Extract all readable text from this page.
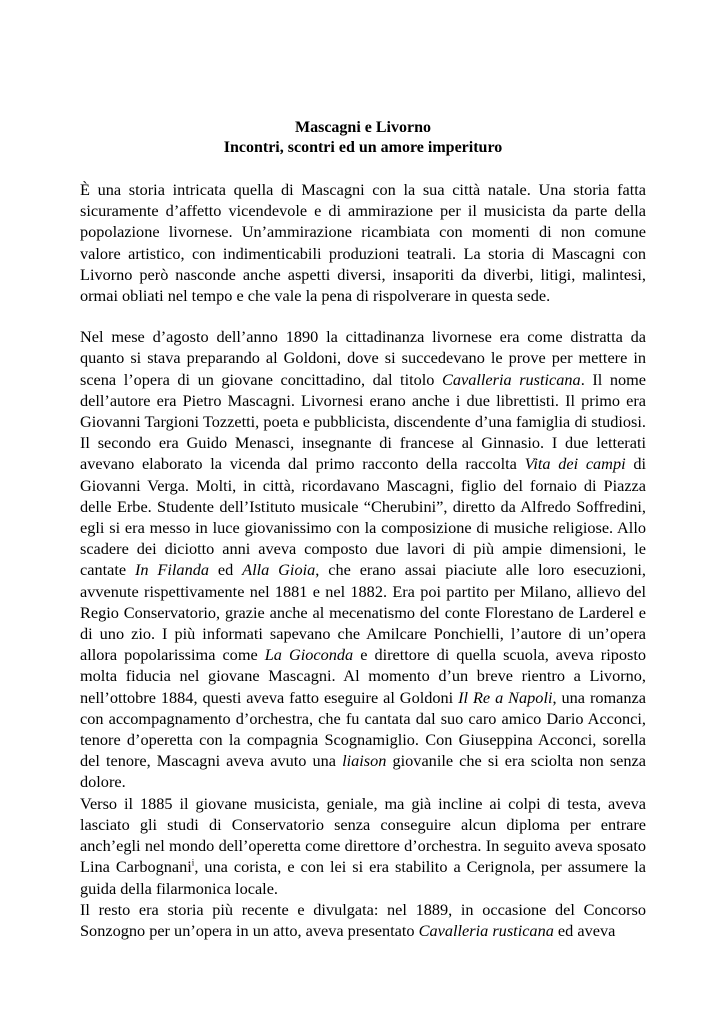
Mascagni e Livorno

Incontri, scontri ed un amore imperituro

È una storia intricata quella di Mascagni con la sua città natale. Una storia fatta sicuramente d’affetto vicendevole e di ammirazione per il musicista da parte della popolazione livornese. Un’ammirazione ricambiata con momenti di non comune valore artistico, con indimenticabili produzioni teatrali. La storia di Mascagni con Livorno però nasconde anche aspetti diversi, insaporiti da diverbi, litigi, malintesi, ormai obliati nel tempo e che vale la pena di rispolverare in questa sede.

Nel mese d’agosto dell’anno 1890 la cittadinanza livornese era come distratta da quanto si stava preparando al Goldoni, dove si succedevano le prove per mettere in scena l’opera di un giovane concittadino, dal titolo Cavalleria rusticana. Il nome dell’autore era Pietro Mascagni. Livornesi erano anche i due librettisti. Il primo era Giovanni Targioni Tozzetti, poeta e pubblicista, discendente d’una famiglia di studiosi. Il secondo era Guido Menasci, insegnante di francese al Ginnasio. I due letterati avevano elaborato la vicenda dal primo racconto della raccolta Vita dei campi di Giovanni Verga. Molti, in città, ricordavano Mascagni, figlio del fornaio di Piazza delle Erbe. Studente dell’Istituto musicale “Cherubini”, diretto da Alfredo Soffredini, egli si era messo in luce giovanissimo con la composizione di musiche religiose. Allo scadere dei diciotto anni aveva composto due lavori di più ampie dimensioni, le cantate In Filanda ed Alla Gioia, che erano assai piaciute alle loro esecuzioni, avvenute rispettivamente nel 1881 e nel 1882. Era poi partito per Milano, allievo del Regio Conservatorio, grazie anche al mecenatismo del conte Florestano de Larderel e di uno zio. I più informati sapevano che Amilcare Ponchielli, l’autore di un’opera allora popolarissima come La Gioconda e direttore di quella scuola, aveva riposto molta fiducia nel giovane Mascagni. Al momento d’un breve rientro a Livorno, nell’ottobre 1884, questi aveva fatto eseguire al Goldoni Il Re a Napoli, una romanza con accompagnamento d’orchestra, che fu cantata dal suo caro amico Dario Acconci, tenore d’operetta con la compagnia Scognamiglio. Con Giuseppina Acconci, sorella del tenore, Mascagni aveva avuto una liaison giovanile che si era sciolta non senza dolore.

Verso il 1885 il giovane musicista, geniale, ma già incline ai colpi di testa, aveva lasciato gli studi di Conservatorio senza conseguire alcun diploma per entrare anch’egli nel mondo dell’operetta come direttore d’orchestra. In seguito aveva sposato Lina Carbognani$^i$, una corista, e con lei si era stabilito a Cerignola, per assumere la guida della filarmonica locale.

Il resto era storia più recente e divulgata: nel 1889, in occasione del Concorso Sonzogno per un’opera in un atto, aveva presentato Cavalleria rusticana ed aveva
